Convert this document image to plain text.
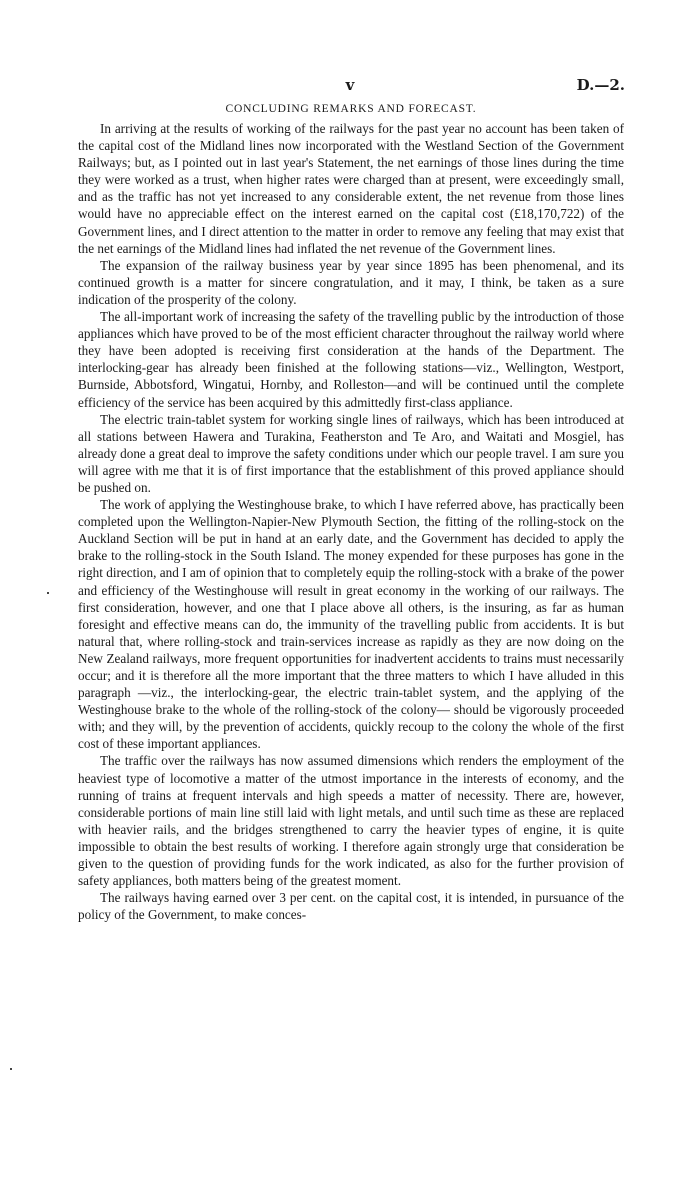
v	D.—2.
CONCLUDING REMARKS AND FORECAST.

In arriving at the results of working of the railways for the past year no account has been taken of the capital cost of the Midland lines now incorporated with the Westland Section of the Government Railways; but, as I pointed out in last year's Statement, the net earnings of those lines during the time they were worked as a trust, when higher rates were charged than at present, were exceedingly small, and as the traffic has not yet increased to any considerable extent, the net revenue from those lines would have no appreciable effect on the interest earned on the capital cost (£18,170,722) of the Government lines, and I direct attention to the matter in order to remove any feeling that may exist that the net earnings of the Midland lines had inflated the net revenue of the Government lines.

The expansion of the railway business year by year since 1895 has been phenomenal, and its continued growth is a matter for sincere congratulation, and it may, I think, be taken as a sure indication of the prosperity of the colony.

The all-important work of increasing the safety of the travelling public by the introduction of those appliances which have proved to be of the most efficient character throughout the railway world where they have been adopted is receiving first consideration at the hands of the Department. The interlocking-gear has already been finished at the following stations—viz., Wellington, Westport, Burnside, Abbotsford, Wingatui, Hornby, and Rolleston—and will be continued until the complete efficiency of the service has been acquired by this admittedly first-class appliance.

The electric train-tablet system for working single lines of railways, which has been introduced at all stations between Hawera and Turakina, Featherston and Te Aro, and Waitati and Mosgiel, has already done a great deal to improve the safety conditions under which our people travel. I am sure you will agree with me that it is of first importance that the establishment of this proved appliance should be pushed on.

The work of applying the Westinghouse brake, to which I have referred above, has practically been completed upon the Wellington-Napier-New Plymouth Section, the fitting of the rolling-stock on the Auckland Section will be put in hand at an early date, and the Government has decided to apply the brake to the rolling-stock in the South Island. The money expended for these purposes has gone in the right direction, and I am of opinion that to completely equip the rolling-stock with a brake of the power and efficiency of the Westinghouse will result in great economy in the working of our railways. The first consideration, however, and one that I place above all others, is the insuring, as far as human foresight and effective means can do, the immunity of the travelling public from accidents. It is but natural that, where rolling-stock and train-services increase as rapidly as they are now doing on the New Zealand railways, more frequent opportunities for inadvertent accidents to trains must necessarily occur; and it is therefore all the more important that the three matters to which I have alluded in this paragraph —viz., the interlocking-gear, the electric train-tablet system, and the applying of the Westinghouse brake to the whole of the rolling-stock of the colony— should be vigorously proceeded with; and they will, by the prevention of accidents, quickly recoup to the colony the whole of the first cost of these important appliances.

The traffic over the railways has now assumed dimensions which renders the employment of the heaviest type of locomotive a matter of the utmost importance in the interests of economy, and the running of trains at frequent intervals and high speeds a matter of necessity. There are, however, considerable portions of main line still laid with light metals, and until such time as these are replaced with heavier rails, and the bridges strengthened to carry the heavier types of engine, it is quite impossible to obtain the best results of working. I therefore again strongly urge that consideration be given to the question of providing funds for the work indicated, as also for the further provision of safety appliances, both matters being of the greatest moment.

The railways having earned over 3 per cent. on the capital cost, it is intended, in pursuance of the policy of the Government, to make conces-
